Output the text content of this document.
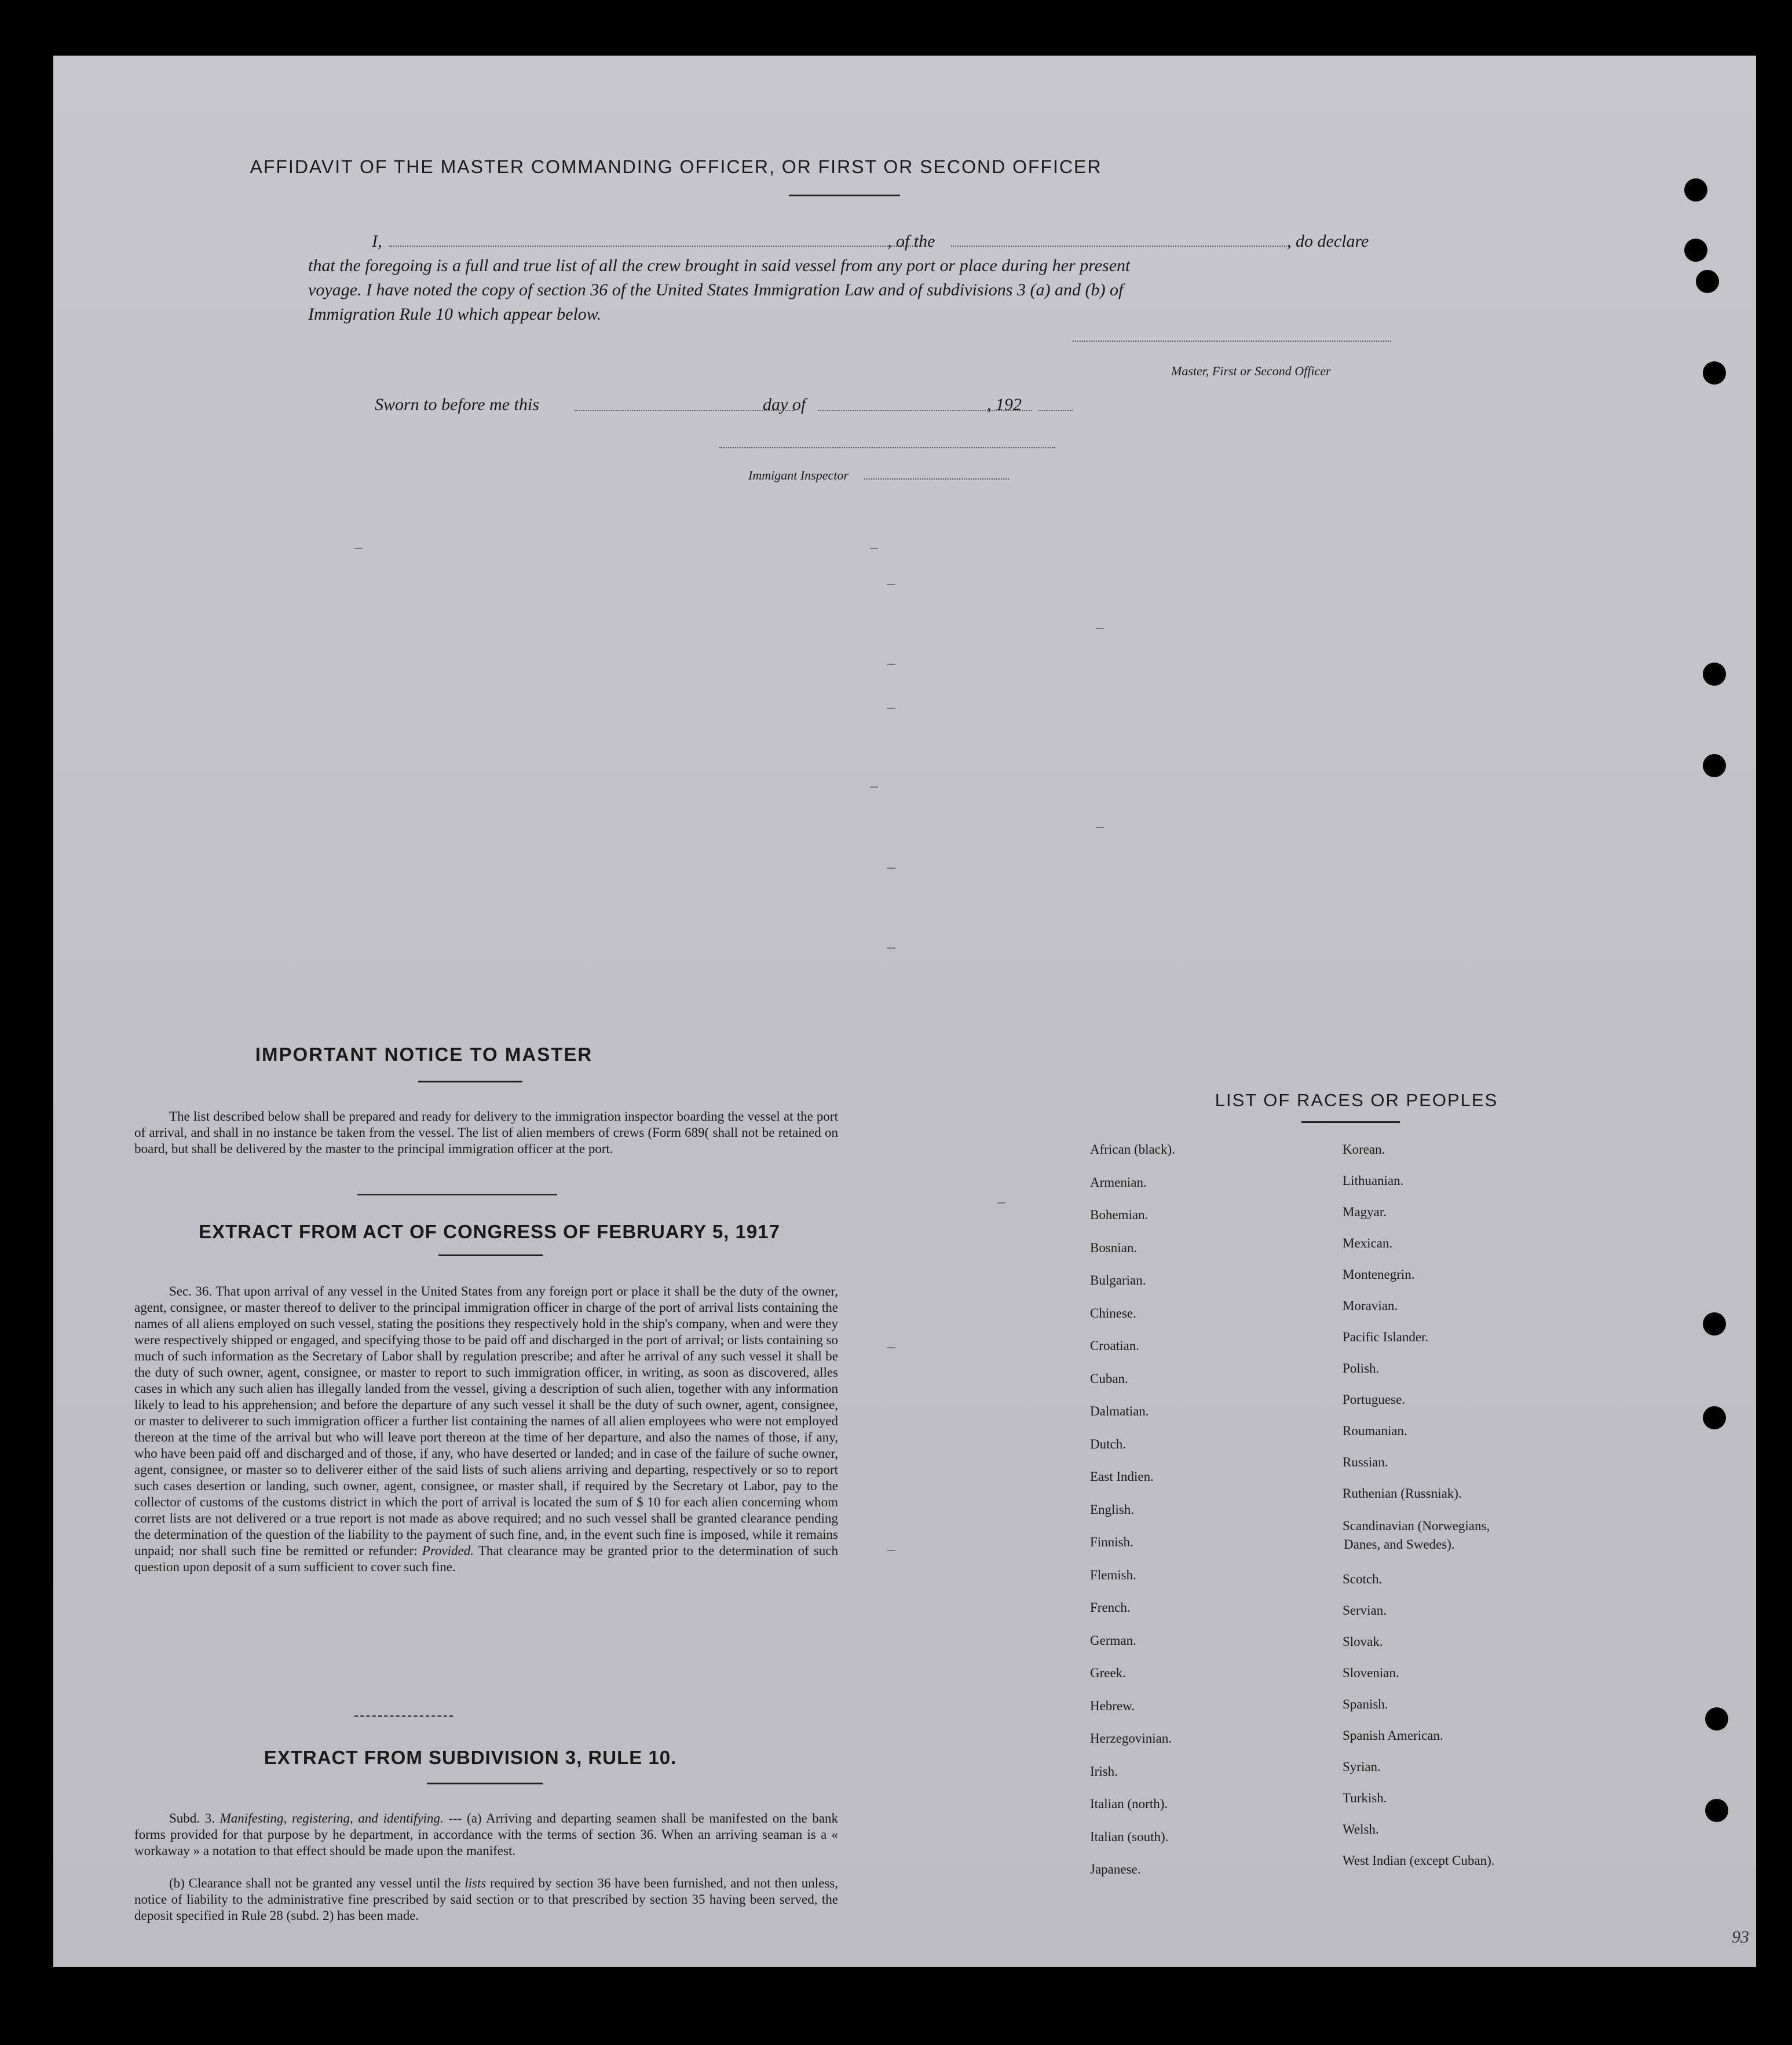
AFFIDAVIT OF THE MASTER COMMANDING OFFICER, OR FIRST OR SECOND OFFICER
I,	, of the	, do declare
that the foregoing is a full and true list of all the crew brought in said vessel from any port or place during her present
voyage. I have noted the copy of section 36 of the United States Immigration Law and of subdivisions 3 (a) and (b) of
Immigration Rule 10 which appear below.
Master, First or Second Officer
Sworn to before me this	day of	, 192
Immigant Inspector
IMPORTANT NOTICE TO MASTER
The list described below shall be prepared and ready for delivery to the immigration inspector boarding the vessel at the port of arrival, and shall in no instance be taken from the vessel. The list of alien members of crews (Form 689( shall not be retained on board, but shall be delivered by the master to the principal immigration officer at the port.
EXTRACT FROM ACT OF CONGRESS OF FEBRUARY 5, 1917
Sec. 36. That upon arrival of any vessel in the United States from any foreign port or place it shall be the duty of the owner, agent, consignee, or master thereof to deliver to the principal immigration officer in charge of the port of arrival lists containing the names of all aliens employed on such vessel, stating the positions they respectively hold in the ship's company, when and were they were respectively shipped or engaged, and specifying those to be paid off and discharged in the port of arrival; or lists containing so much of such information as the Secretary of Labor shall by regulation prescribe; and after he arrival of any such vessel it shall be the duty of such owner, agent, consignee, or master to report to such immigration officer, in writing, as soon as discovered, alles cases in which any such alien has illegally landed from the vessel, giving a description of such alien, together with any information likely to lead to his apprehension; and before the departure of any such vessel it shall be the duty of such owner, agent, consignee, or master to deliverer to such immigration officer a further list containing the names of all alien employees who were not employed thereon at the time of the arrival but who will leave port thereon at the time of her departure, and also the names of those, if any, who have been paid off and discharged and of those, if any, who have deserted or landed; and in case of the failure of suche owner, agent, consignee, or master so to deliverer either of the said lists of such aliens arriving and departing, respectively or so to report such cases desertion or landing, such owner, agent, consignee, or master shall, if required by the Secretary ot Labor, pay to the collector of customs of the customs district in which the port of arrival is located the sum of $ 10 for each alien concerning whom corret lists are not delivered or a true report is not made as above required; and no such vessel shall be granted clearance pending the determination of the question of the liability to the payment of such fine, and, in the event such fine is imposed, while it remains unpaid; nor shall such fine be remitted or refunder: Provided. That clearance may be granted prior to the determination of such question upon deposit of a sum sufficient to cover such fine.
EXTRACT FROM SUBDIVISION 3, RULE 10.
Subd. 3. Manifesting, registering, and identifying. --- (a) Arriving and departing seamen shall be manifested on the bank forms provided for that purpose by he department, in accordance with the terms of section 36. When an arriving seaman is a « workaway » a notation to that effect should be made upon the manifest.
(b) Clearance shall not be granted any vessel until the lists required by section 36 have been furnished, and not then unless, notice of liability to the administrative fine prescribed by said section or to that prescribed by section 35 having been served, the deposit specified in Rule 28 (subd. 2) has been made.
LIST OF RACES OR PEOPLES
African (black).
Armenian.
Bohemian.
Bosnian.
Bulgarian.
Chinese.
Croatian.
Cuban.
Dalmatian.
Dutch.
East Indien.
English.
Finnish.
Flemish.
French.
German.
Greek.
Hebrew.
Herzegovinian.
Irish.
Italian (north).
Italian (south).
Japanese.
Korean.
Lithuanian.
Magyar.
Mexican.
Montenegrin.
Moravian.
Pacific Islander.
Polish.
Portuguese.
Roumanian.
Russian.
Ruthenian (Russniak).
Scandinavian (Norwegians,
Danes, and Swedes).
Scotch.
Servian.
Slovak.
Slovenian.
Spanish.
Spanish American.
Syrian.
Turkish.
Welsh.
West Indian (except Cuban).
93
